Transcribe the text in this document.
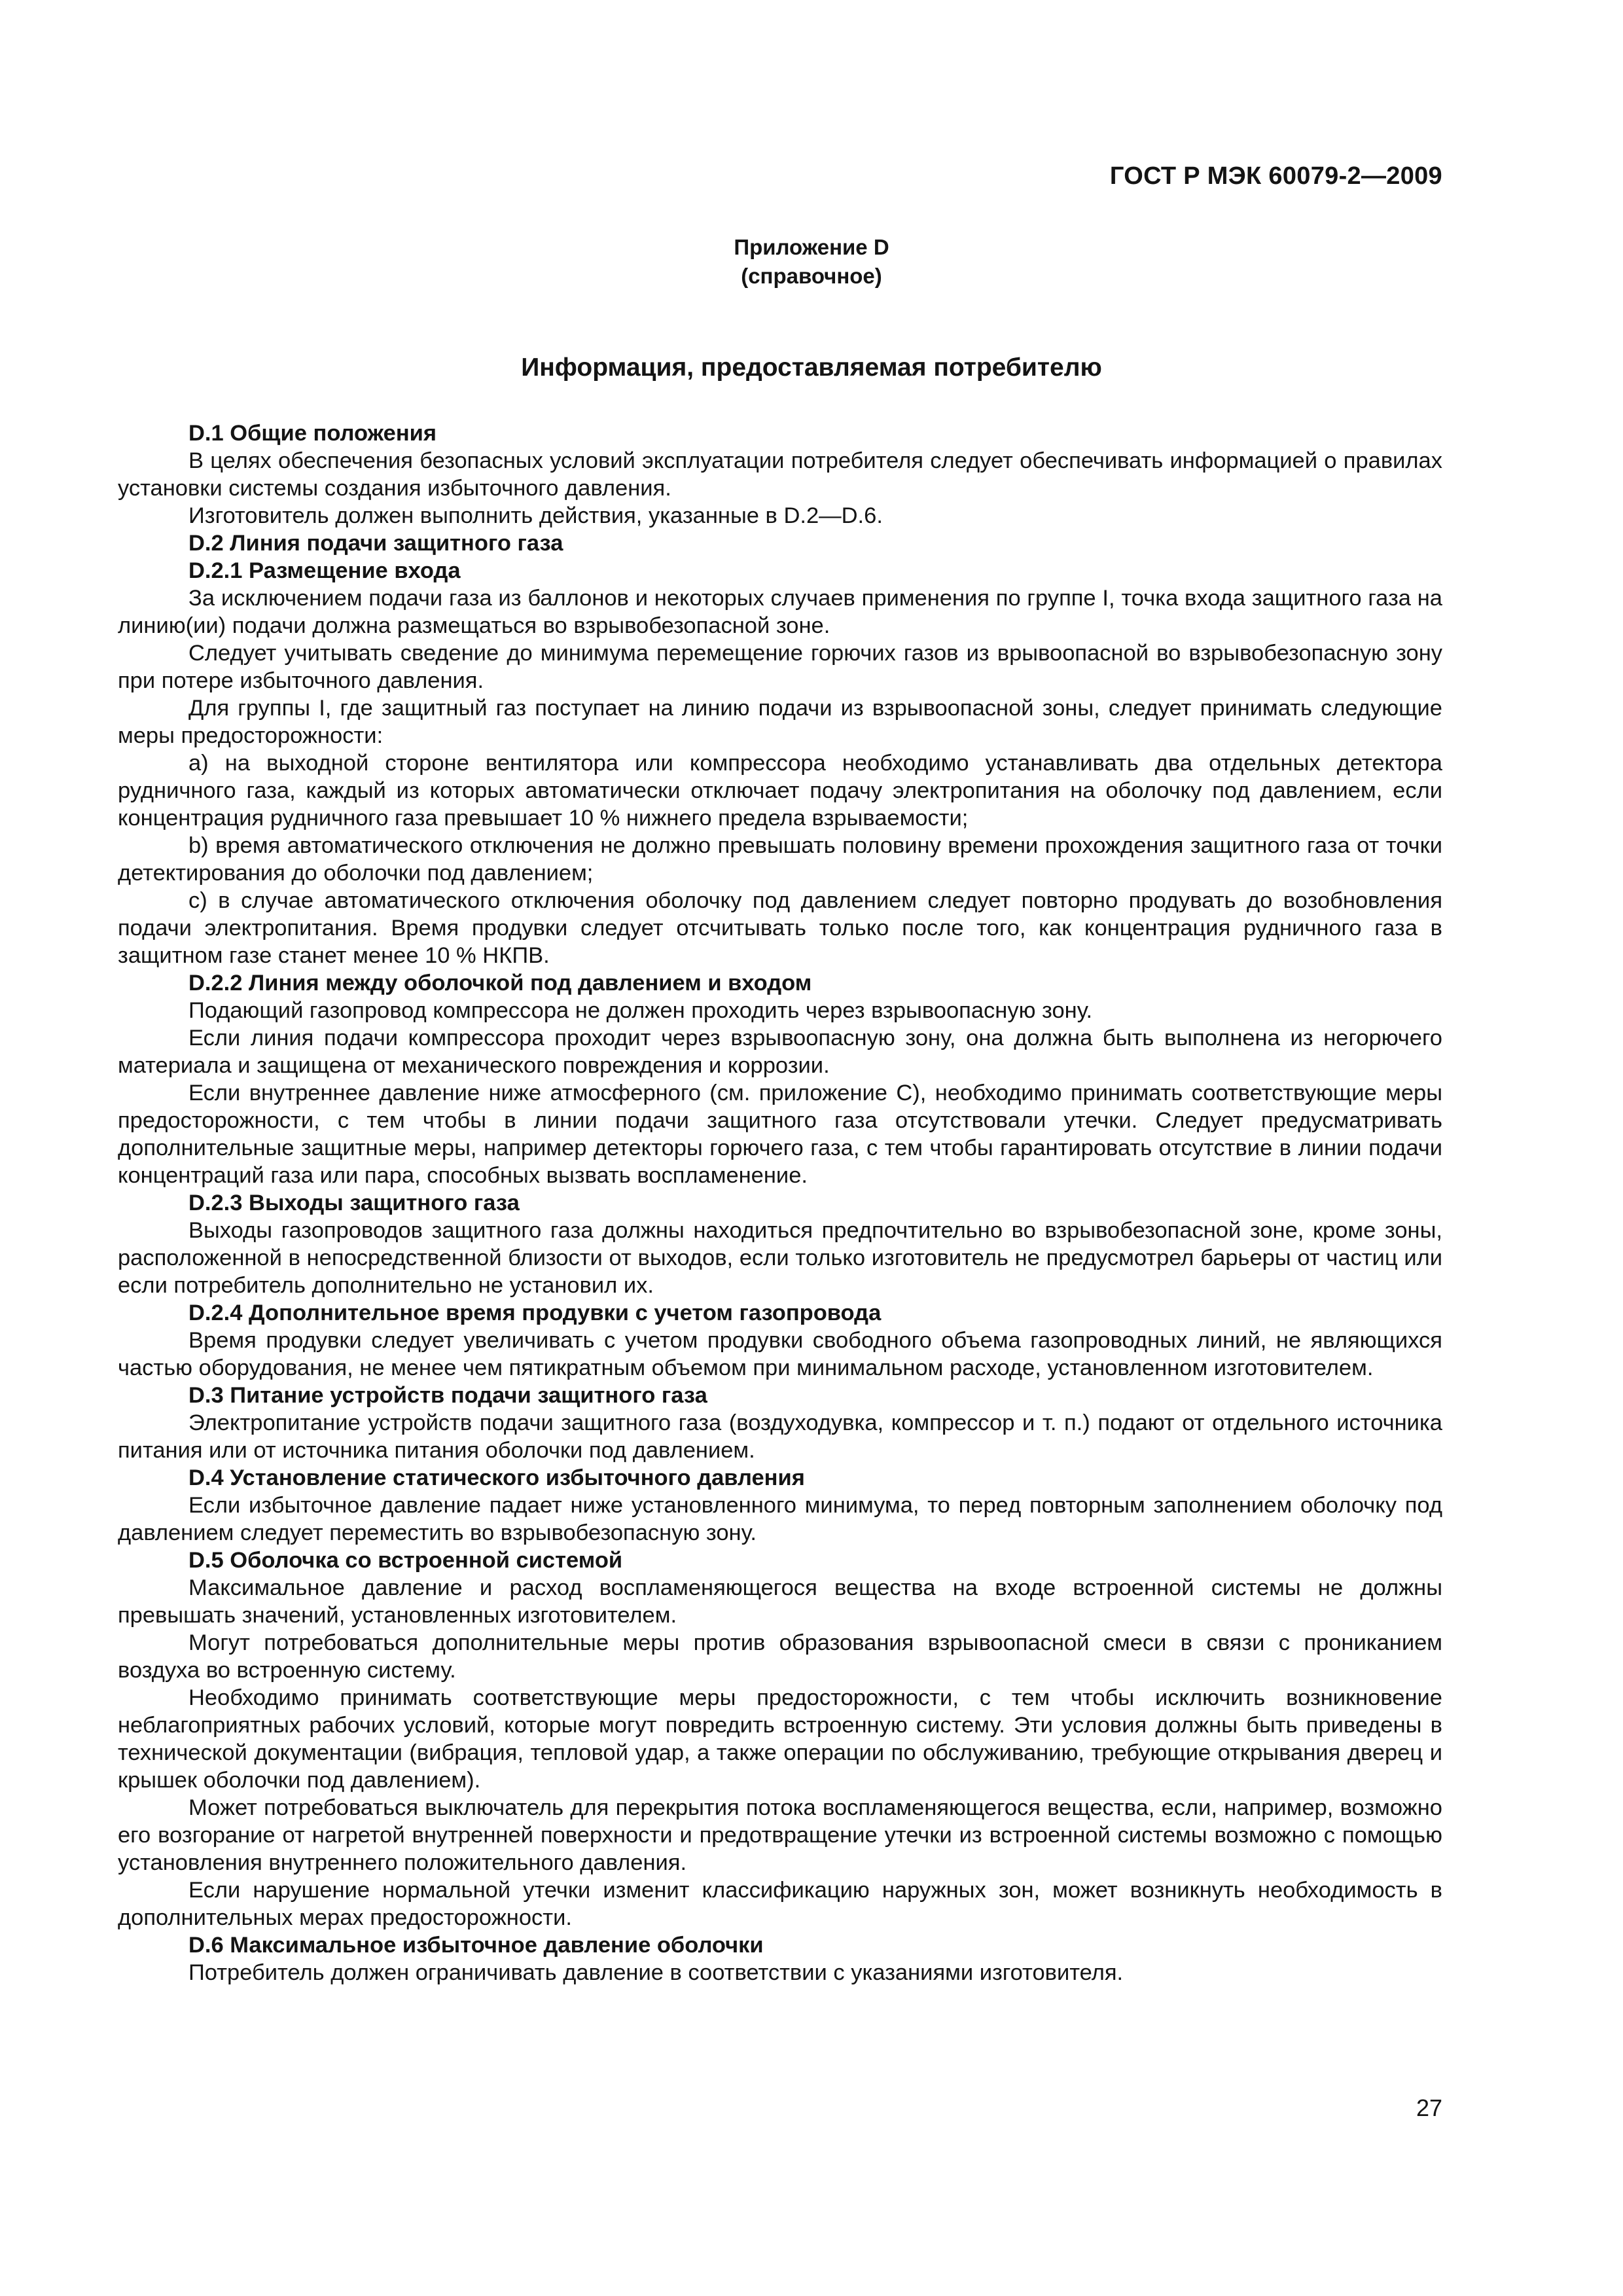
ГОСТ Р МЭК 60079-2—2009
Приложение D
(справочное)
Информация, предоставляемая потребителю
D.1 Общие положения

В целях обеспечения безопасных условий эксплуатации потребителя следует обеспечивать информацией о правилах установки системы создания избыточного давления.

Изготовитель должен выполнить действия, указанные в D.2—D.6.

D.2 Линия подачи защитного газа
D.2.1 Размещение входа

За исключением подачи газа из баллонов и некоторых случаев применения по группе I, точка входа защитного газа на линию(ии) подачи должна размещаться во взрывобезопасной зоне.

Следует учитывать сведение до минимума перемещение горючих газов из врывоопасной во взрывобезопасную зону при потере избыточного давления.

Для группы I, где защитный газ поступает на линию подачи из взрывоопасной зоны, следует принимать следующие меры предосторожности:

a) на выходной стороне вентилятора или компрессора необходимо устанавливать два отдельных детектора рудничного газа, каждый из которых автоматически отключает подачу электропитания на оболочку под давлением, если концентрация рудничного газа превышает 10 % нижнего предела взрываемости;

b) время автоматического отключения не должно превышать половину времени прохождения защитного газа от точки детектирования до оболочки под давлением;

c) в случае автоматического отключения оболочку под давлением следует повторно продувать до возобновления подачи электропитания. Время продувки следует отсчитывать только после того, как концентрация рудничного газа в защитном газе станет менее 10 % НКПВ.

D.2.2 Линия между оболочкой под давлением и входом

Подающий газопровод компрессора не должен проходить через взрывоопасную зону.

Если линия подачи компрессора проходит через взрывоопасную зону, она должна быть выполнена из негорючего материала и защищена от механического повреждения и коррозии.

Если внутреннее давление ниже атмосферного (см. приложение C), необходимо принимать соответствующие меры предосторожности, с тем чтобы в линии подачи защитного газа отсутствовали утечки. Следует предусматривать дополнительные защитные меры, например детекторы горючего газа, с тем чтобы гарантировать отсутствие в линии подачи концентраций газа или пара, способных вызвать воспламенение.

D.2.3 Выходы защитного газа

Выходы газопроводов защитного газа должны находиться предпочтительно во взрывобезопасной зоне, кроме зоны, расположенной в непосредственной близости от выходов, если только изготовитель не предусмотрел барьеры от частиц или если потребитель дополнительно не установил их.

D.2.4 Дополнительное время продувки с учетом газопровода

Время продувки следует увеличивать с учетом продувки свободного объема газопроводных линий, не являющихся частью оборудования, не менее чем пятикратным объемом при минимальном расходе, установленном изготовителем.

D.3 Питание устройств подачи защитного газа

Электропитание устройств подачи защитного газа (воздуходувка, компрессор и т. п.) подают от отдельного источника питания или от источника питания оболочки под давлением.

D.4 Установление статического избыточного давления

Если избыточное давление падает ниже установленного минимума, то перед повторным заполнением оболочку под давлением следует переместить во взрывобезопасную зону.

D.5 Оболочка со встроенной системой

Максимальное давление и расход воспламеняющегося вещества на входе встроенной системы не должны превышать значений, установленных изготовителем.

Могут потребоваться дополнительные меры против образования взрывоопасной смеси в связи с прониканием воздуха во встроенную систему.

Необходимо принимать соответствующие меры предосторожности, с тем чтобы исключить возникновение неблагоприятных рабочих условий, которые могут повредить встроенную систему. Эти условия должны быть приведены в технической документации (вибрация, тепловой удар, а также операции по обслуживанию, требующие открывания дверец и крышек оболочки под давлением).

Может потребоваться выключатель для перекрытия потока воспламеняющегося вещества, если, например, возможно его возгорание от нагретой внутренней поверхности и предотвращение утечки из встроенной системы возможно с помощью установления внутреннего положительного давления.

Если нарушение нормальной утечки изменит классификацию наружных зон, может возникнуть необходимость в дополнительных мерах предосторожности.

D.6 Максимальное избыточное давление оболочки

Потребитель должен ограничивать давление в соответствии с указаниями изготовителя.

27
